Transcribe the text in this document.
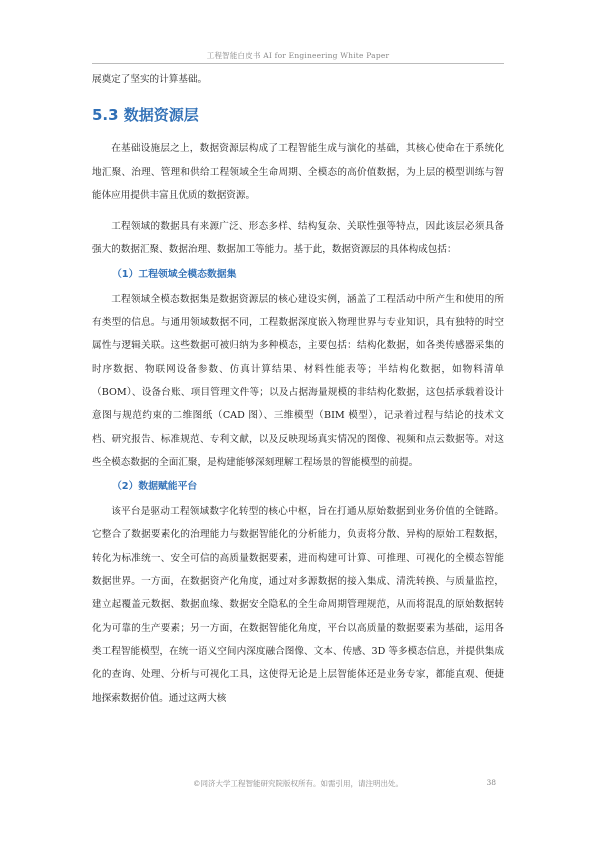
工程智能白皮书 AI for Engineering White Paper

展奠定了坚实的计算基础。

5.3 数据资源层

在基础设施层之上，数据资源层构成了工程智能生成与演化的基础，其核心使命在于系统化地汇聚、治理、管理和供给工程领域全生命周期、全模态的高价值数据，为上层的模型训练与智能体应用提供丰富且优质的数据资源。

工程领域的数据具有来源广泛、形态多样、结构复杂、关联性强等特点，因此该层必须具备强大的数据汇聚、数据治理、数据加工等能力。基于此，数据资源层的具体构成包括：

（1）工程领域全模态数据集

工程领域全模态数据集是数据资源层的核心建设实例，涵盖了工程活动中所产生和使用的所有类型的信息。与通用领域数据不同，工程数据深度嵌入物理世界与专业知识，具有独特的时空属性与逻辑关联。这些数据可被归纳为多种模态，主要包括：结构化数据，如各类传感器采集的时序数据、物联网设备参数、仿真计算结果、材料性能表等；半结构化数据，如物料清单（BOM）、设备台账、项目管理文件等；以及占据海量规模的非结构化数据，这包括承载着设计意图与规范约束的二维图纸（CAD 图）、三维模型（BIM 模型），记录着过程与结论的技术文档、研究报告、标准规范、专利文献，以及反映现场真实情况的图像、视频和点云数据等。对这些全模态数据的全面汇聚，是构建能够深刻理解工程场景的智能模型的前提。

（2）数据赋能平台

该平台是驱动工程领域数字化转型的核心中枢，旨在打通从原始数据到业务价值的全链路。它整合了数据要素化的治理能力与数据智能化的分析能力，负责将分散、异构的原始工程数据，转化为标准统一、安全可信的高质量数据要素，进而构建可计算、可推理、可视化的全模态智能数据世界。一方面，在数据资产化角度，通过对多源数据的接入集成、清洗转换、与质量监控，建立起覆盖元数据、数据血缘、数据安全隐私的全生命周期管理规范，从而将混乱的原始数据转化为可靠的生产要素；另一方面，在数据智能化角度，平台以高质量的数据要素为基础，运用各类工程智能模型，在统一语义空间内深度融合图像、文本、传感、3D 等多模态信息，并提供集成化的查询、处理、分析与可视化工具，这使得无论是上层智能体还是业务专家，都能直观、便捷地探索数据价值。通过这两大核

©同济大学工程智能研究院版权所有。如需引用，请注明出处。	38
